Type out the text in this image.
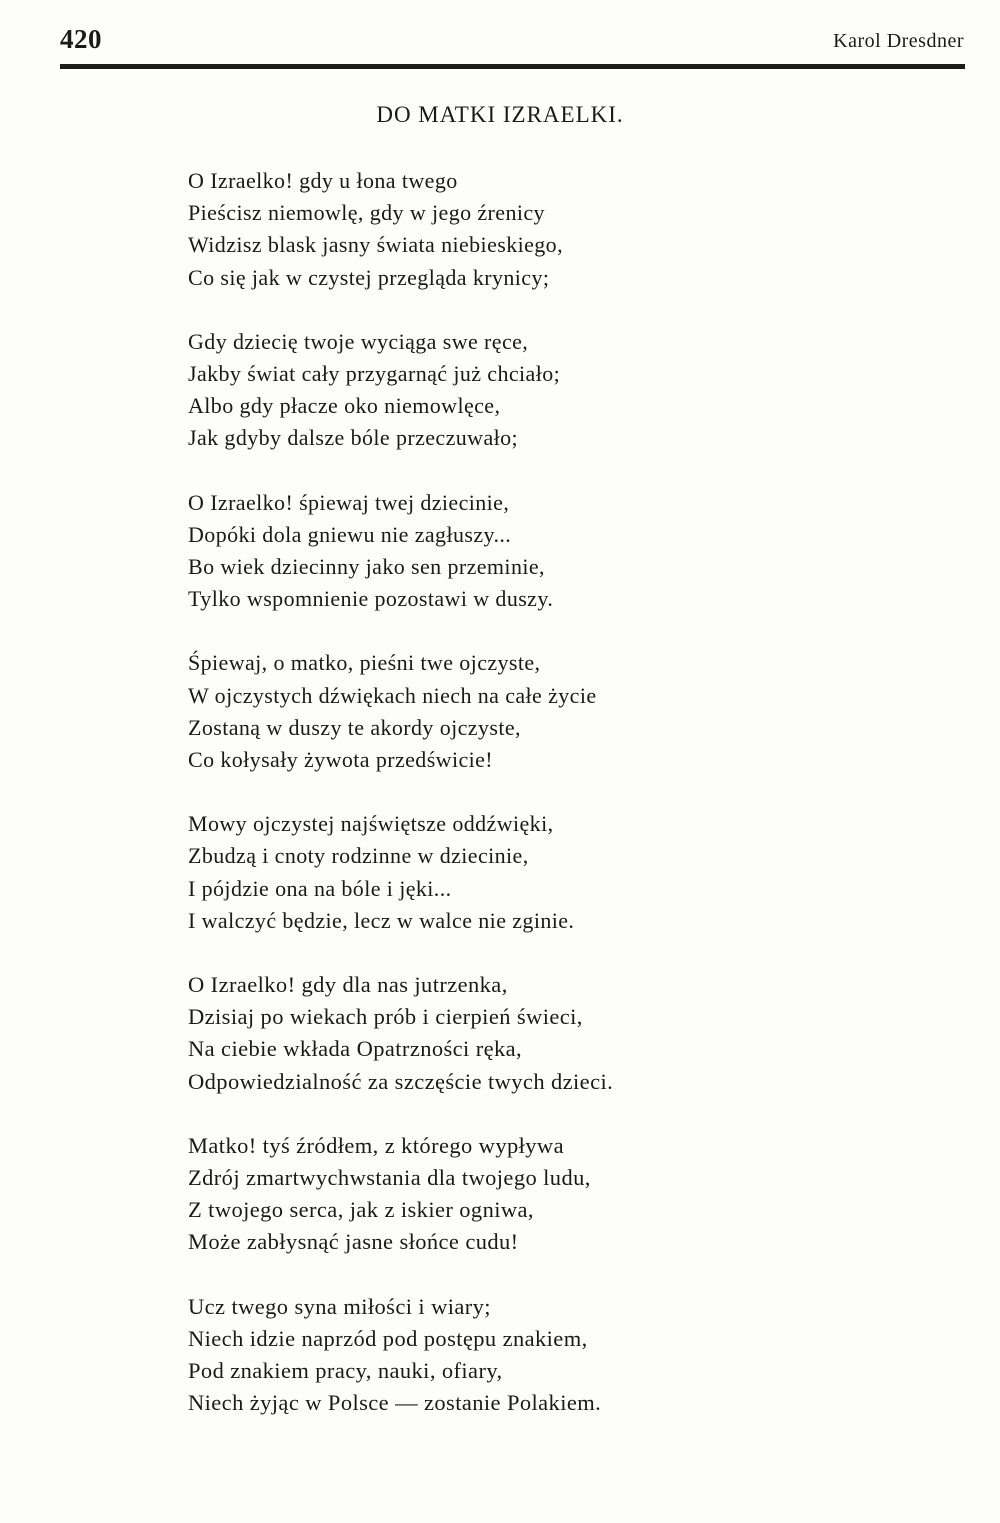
420	Karol Dresdner
DO MATKI IZRAELKI.
O Izraelko! gdy u łona twego
Pieścisz niemowlę, gdy w jego źrenicy
Widzisz blask jasny świata niebieskiego,
Co się jak w czystej przegląda krynicy;
Gdy dziecię twoje wyciąga swe ręce,
Jakby świat cały przygarnąć już chciało;
Albo gdy płacze oko niemowlęce,
Jak gdyby dalsze bóle przeczuwało;
O Izraelko! śpiewaj twej dziecinie,
Dopóki dola gniewu nie zagłuszy...
Bo wiek dziecinny jako sen przeminie,
Tylko wspomnienie pozostawi w duszy.
Śpiewaj, o matko, pieśni twe ojczyste,
W ojczystych dźwiękach niech na całe życie
Zostaną w duszy te akordy ojczyste,
Co kołysały żywota przedświcie!
Mowy ojczystej najświętsze oddźwięki,
Zbudzą i cnoty rodzinne w dziecinie,
I pójdzie ona na bóle i jęki...
I walczyć będzie, lecz w walce nie zginie.
O Izraelko! gdy dla nas jutrzenka,
Dzisiaj po wiekach prób i cierpień świeci,
Na ciebie wkłada Opatrzności ręka,
Odpowiedzialność za szczęście twych dzieci.
Matko! tyś źródłem, z którego wypływa
Zdrój zmartwychwstania dla twojego ludu,
Z twojego serca, jak z iskier ogniwa,
Może zabłysnąć jasne słońce cudu!
Ucz twego syna miłości i wiary;
Niech idzie naprzód pod postępu znakiem,
Pod znakiem pracy, nauki, ofiary,
Niech żyjąc w Polsce — zostanie Polakiem.
